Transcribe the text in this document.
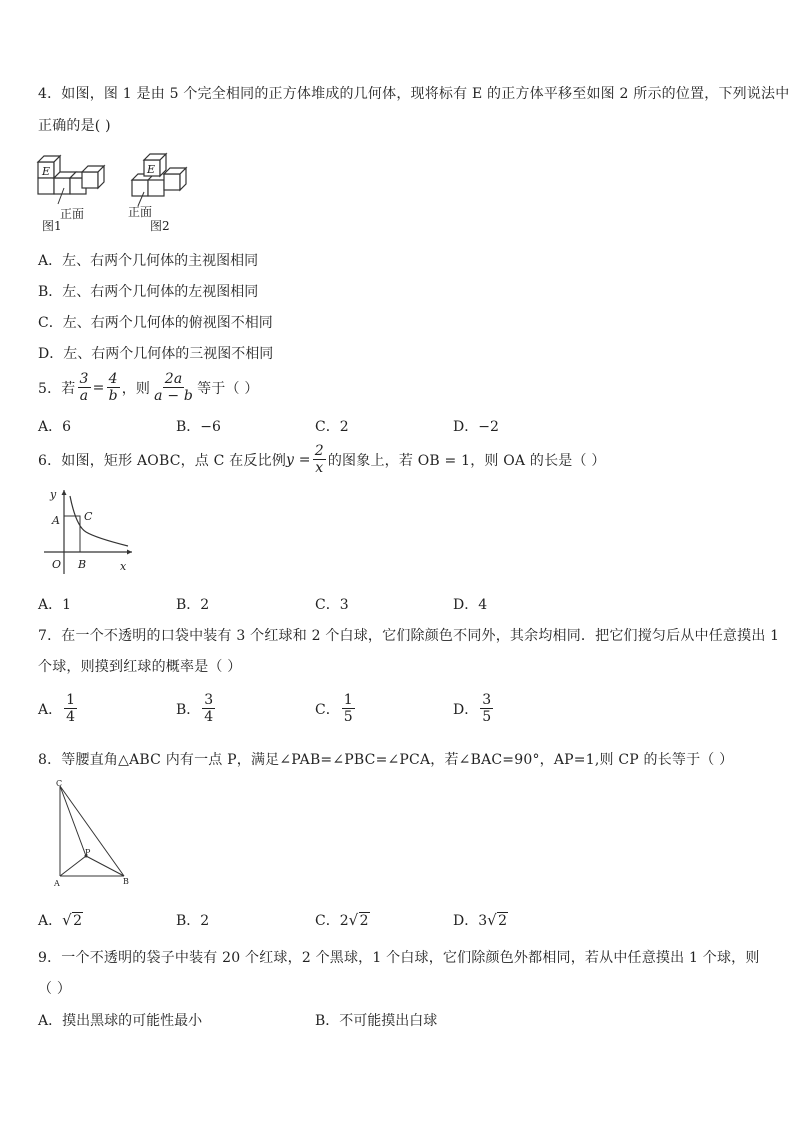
4．如图，图 1 是由 5 个完全相同的正方体堆成的几何体，现将标有 E 的正方体平移至如图 2 所示的位置，下列说法中
正确的是( )
E	E
正面
图1
正面
图2
A．左、右两个几何体的主视图相同
B．左、右两个几何体的左视图相同
C．左、右两个几何体的俯视图不相同
D．左、右两个几何体的三视图不相同
5．若 $\frac{3}{a} = \frac{4}{b}$ ，则 $\frac{2a}{a - b}$ 等于（ ）
A．6	B．−6	C．2	D．−2
6．如图，矩形 AOBC，点 C 在反比例 $y = \frac{2}{x}$ 的图象上，若 OB = 1，则 OA 的长是（ ）
y
x
A C
O B
A．1	B．2	C．3	D．4
7．在一个不透明的口袋中装有 3 个红球和 2 个白球，它们除颜色不同外，其余均相同．把它们搅匀后从中任意摸出 1
个球，则摸到红球的概率是（ ）
A． $\frac{1}{4}$	B． $\frac{3}{4}$	C． $\frac{1}{5}$	D． $\frac{3}{5}$
8．等腰直角△ABC 内有一点 P，满足∠PAB=∠PBC=∠PCA，若∠BAC=90°，AP=1,则 CP 的长等于（ ）
C
P
A	B
A． √ 2	B．2	C．2 √ 2	D．3 √ 2
9．一个不透明的袋子中装有 20 个红球，2 个黑球，1 个白球，它们除颜色外都相同，若从中任意摸出 1 个球，则
（ ）
A．摸出黑球的可能性最小	B．不可能摸出白球
